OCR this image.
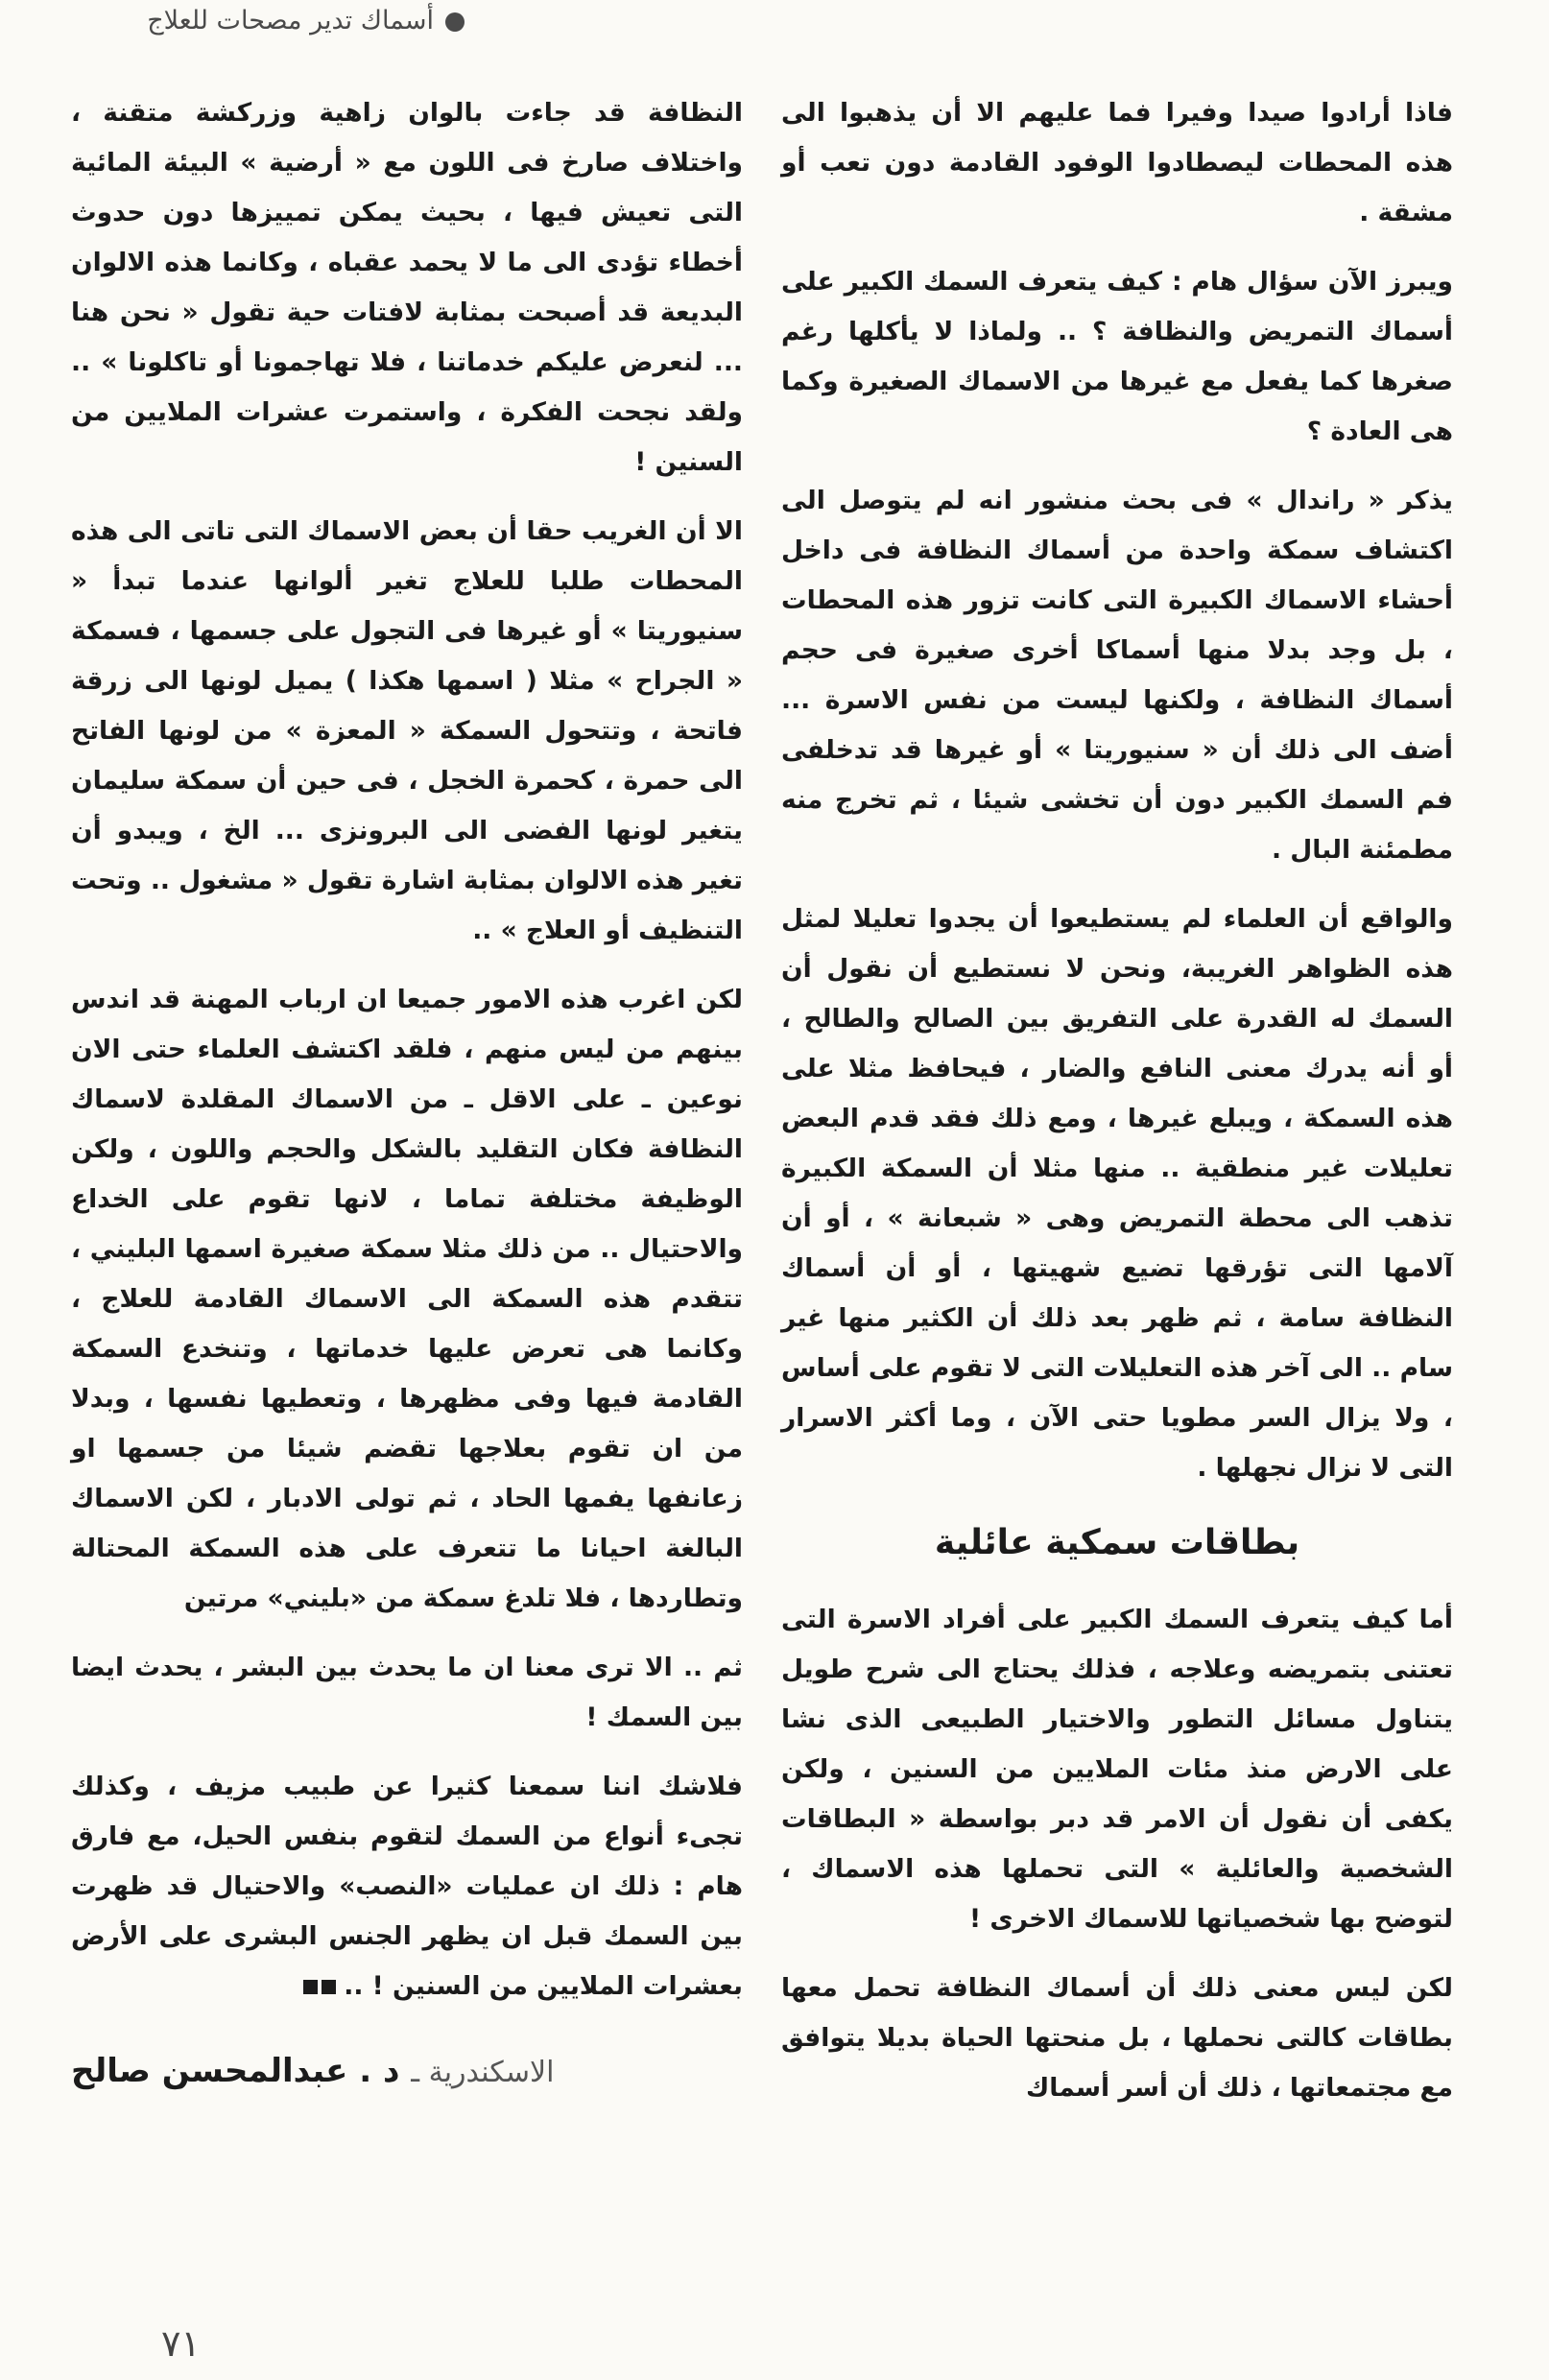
أسماك تدير مصحات للعلاج

فاذا أرادوا صيدا وفيرا فما عليهم الا أن يذهبوا الى هذه المحطات ليصطادوا الوفود القادمة دون تعب أو مشقة .

ويبرز الآن سؤال هام : كيف يتعرف السمك الكبير على أسماك التمريض والنظافة ؟ .. ولماذا لا يأكلها رغم صغرها كما يفعل مع غيرها من الاسماك الصغيرة وكما هى العادة ؟

يذكر « راندال » فى بحث منشور انه لم يتوصل الى اكتشاف سمكة واحدة من أسماك النظافة فى داخل أحشاء الاسماك الكبيرة التى كانت تزور هذه المحطات ، بل وجد بدلا منها أسماكا أخرى صغيرة فى حجم أسماك النظافة ، ولكنها ليست من نفس الاسرة ... أضف الى ذلك أن « سنيوريتا » أو غيرها قد تدخلفى فم السمك الكبير دون أن تخشى شيئا ، ثم تخرج منه مطمئنة البال .

والواقع أن العلماء لم يستطيعوا أن يجدوا تعليلا لمثل هذه الظواهر الغريبة، ونحن لا نستطيع أن نقول أن السمك له القدرة على التفريق بين الصالح والطالح ، أو أنه يدرك معنى النافع والضار ، فيحافظ مثلا على هذه السمكة ، ويبلع غيرها ، ومع ذلك فقد قدم البعض تعليلات غير منطقية .. منها مثلا أن السمكة الكبيرة تذهب الى محطة التمريض وهى « شبعانة » ، أو أن آلامها التى تؤرقها تضيع شهيتها ، أو أن أسماك النظافة سامة ، ثم ظهر بعد ذلك أن الكثير منها غير سام .. الى آخر هذه التعليلات التى لا تقوم على أساس ، ولا يزال السر مطويا حتى الآن ، وما أكثر الاسرار التى لا نزال نجهلها .

بطاقات سمكية عائلية

أما كيف يتعرف السمك الكبير على أفراد الاسرة التى تعتنى بتمريضه وعلاجه ، فذلك يحتاج الى شرح طويل يتناول مسائل التطور والاختيار الطبيعى الذى نشا على الارض منذ مئات الملايين من السنين ، ولكن يكفى أن نقول أن الامر قد دبر بواسطة « البطاقات الشخصية والعائلية » التى تحملها هذه الاسماك ، لتوضح بها شخصياتها للاسماك الاخرى !

لكن ليس معنى ذلك أن أسماك النظافة تحمل معها بطاقات كالتى نحملها ، بل منحتها الحياة بديلا يتوافق مع مجتمعاتها ، ذلك أن أسر أسماك

النظافة قد جاءت بالوان زاهية وزركشة متقنة ، واختلاف صارخ فى اللون مع « أرضية » البيئة المائية التى تعيش فيها ، بحيث يمكن تمييزها دون حدوث أخطاء تؤدى الى ما لا يحمد عقباه ، وكانما هذه الالوان البديعة قد أصبحت بمثابة لافتات حية تقول « نحن هنا ... لنعرض عليكم خدماتنا ، فلا تهاجمونا أو تاكلونا » .. ولقد نجحت الفكرة ، واستمرت عشرات الملايين من السنين !

الا أن الغريب حقا أن بعض الاسماك التى تاتى الى هذه المحطات طلبا للعلاج تغير ألوانها عندما تبدأ « سنيوريتا » أو غيرها فى التجول على جسمها ، فسمكة « الجراح » مثلا ( اسمها هكذا ) يميل لونها الى زرقة فاتحة ، وتتحول السمكة « المعزة » من لونها الفاتح الى حمرة ، كحمرة الخجل ، فى حين أن سمكة سليمان يتغير لونها الفضى الى البرونزى ... الخ ، ويبدو أن تغير هذه الالوان بمثابة اشارة تقول « مشغول .. وتحت التنظيف أو العلاج » ..

لكن اغرب هذه الامور جميعا ان ارباب المهنة قد اندس بينهم من ليس منهم ، فلقد اكتشف العلماء حتى الان نوعين ـ على الاقل ـ من الاسماك المقلدة لاسماك النظافة فكان التقليد بالشكل والحجم واللون ، ولكن الوظيفة مختلفة تماما ، لانها تقوم على الخداع والاحتيال .. من ذلك مثلا سمكة صغيرة اسمها البليني ، تتقدم هذه السمكة الى الاسماك القادمة للعلاج ، وكانما هى تعرض عليها خدماتها ، وتنخدع السمكة القادمة فيها وفى مظهرها ، وتعطيها نفسها ، وبدلا من ان تقوم بعلاجها تقضم شيئا من جسمها او زعانفها يفمها الحاد ، ثم تولى الادبار ، لكن الاسماك البالغة احيانا ما تتعرف على هذه السمكة المحتالة وتطاردها ، فلا تلدغ سمكة من «بليني» مرتين

ثم .. الا ترى معنا ان ما يحدث بين البشر ، يحدث ايضا بين السمك !

فلاشك اننا سمعنا كثيرا عن طبيب مزيف ، وكذلك تجىء أنواع من السمك لتقوم بنفس الحيل، مع فارق هام : ذلك ان عمليات «النصب» والاحتيال قد ظهرت بين السمك قبل ان يظهر الجنس البشرى على الأرض بعشرات الملايين من السنين ! ..

الاسكندرية ـ د . عبدالمحسن صالح
٧١
